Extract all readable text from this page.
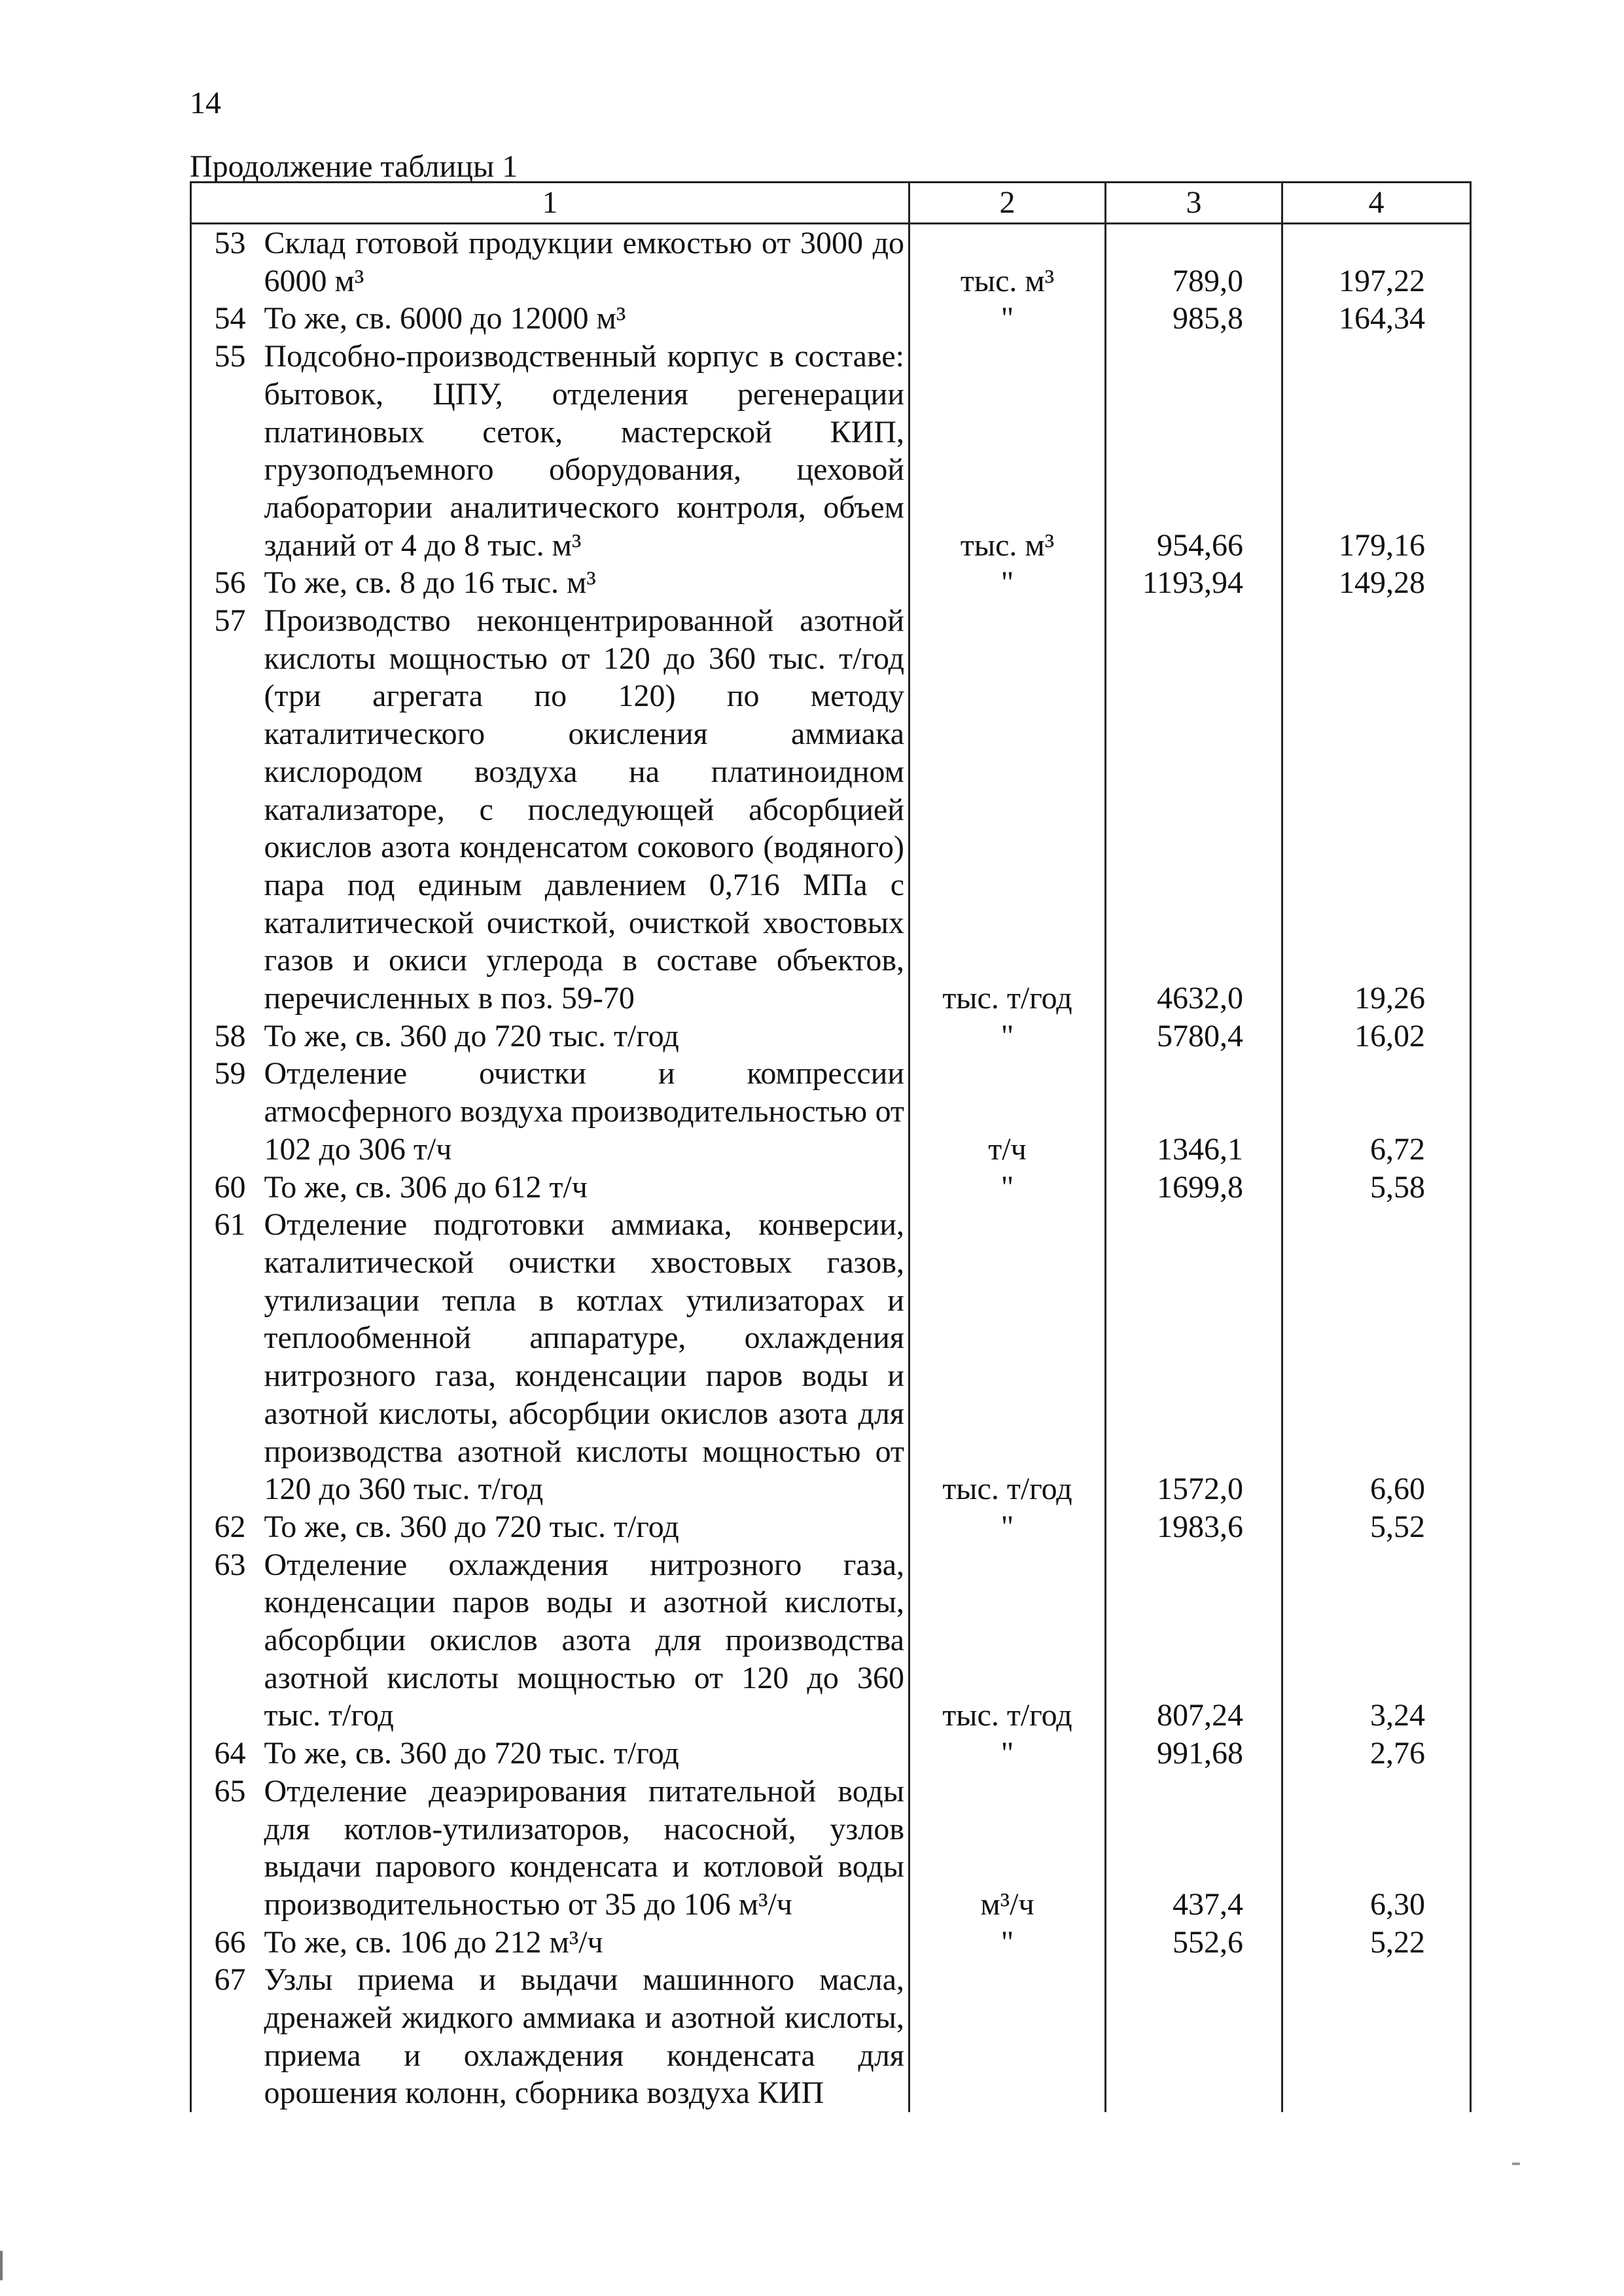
14
Продолжение таблицы 1
1		2	3	4
53	Склад готовой продукции емкостью от 3000 до 6000 м³	тыс. м³	789,0	197,22
54	То же, св. 6000 до 12000 м³	"	985,8	164,34
55	Подсобно-производственный корпус в составе: бытовок, ЦПУ, отделения регенерации платиновых сеток, мастерской КИП, грузоподъемного оборудования, цеховой лаборатории аналитического контроля, объем зданий от 4 до 8 тыс. м³	тыс. м³	954,66	179,16
56	То же, св. 8 до 16 тыс. м³	"	1193,94	149,28
57	Производство неконцентрированной азотной кислоты мощностью от 120 до 360 тыс. т/год (три агрегата по 120) по методу каталитического окисления аммиака кислородом воздуха на платиноидном катализаторе, с последующей абсорбцией окислов азота конденсатом сокового (водяного) пара под единым давлением 0,716 МПа с каталитической очисткой, очисткой хвостовых газов и окиси углерода в составе объектов, перечисленных в поз. 59-70	тыс. т/год	4632,0	19,26
58	То же, св. 360 до 720 тыс. т/год	"	5780,4	16,02
59	Отделение очистки и компрессии атмосферного воздуха производительностью от 102 до 306 т/ч	т/ч	1346,1	6,72
60	То же, св. 306 до 612 т/ч	"	1699,8	5,58
61	Отделение подготовки аммиака, конверсии, каталитической очистки хвостовых газов, утилизации тепла в котлах утилизаторах и теплообменной аппаратуре, охлаждения нитрозного газа, конденсации паров воды и азотной кислоты, абсорбции окислов азота для производства азотной кислоты мощностью от 120 до 360 тыс. т/год	тыс. т/год	1572,0	6,60
62	То же, св. 360 до 720 тыс. т/год	"	1983,6	5,52
63	Отделение охлаждения нитрозного газа, конденсации паров воды и азотной кислоты, абсорбции окислов азота для производства азотной кислоты мощностью от 120 до 360 тыс. т/год	тыс. т/год	807,24	3,24
64	То же, св. 360 до 720 тыс. т/год	"	991,68	2,76
65	Отделение деаэрирования питательной воды для котлов-утилизаторов, насосной, узлов выдачи парового конденсата и котловой воды производительностью от 35 до 106 м³/ч	м³/ч	437,4	6,30
66	То же, св. 106 до 212 м³/ч	"	552,6	5,22
67	Узлы приема и выдачи машинного масла, дренажей жидкого аммиака и азотной кислоты, приема и охлаждения конденсата для орошения колонн, сборника воздуха КИП			
